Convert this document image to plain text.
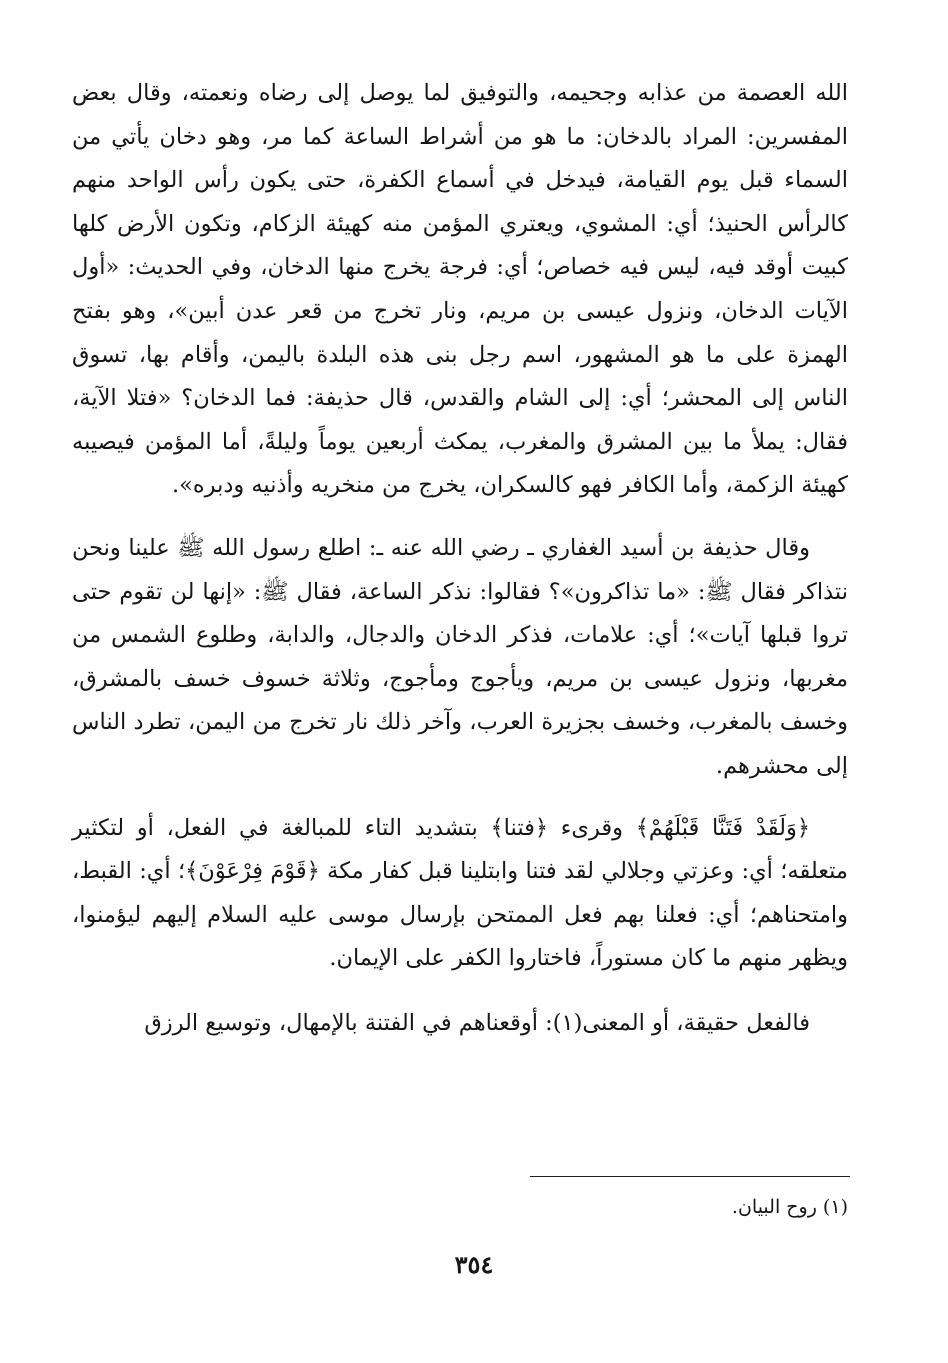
الله العصمة من عذابه وجحيمه، والتوفيق لما يوصل إلى رضاه ونعمته، وقال بعض المفسرين: المراد بالدخان: ما هو من أشراط الساعة كما مر، وهو دخان يأتي من السماء قبل يوم القيامة، فيدخل في أسماع الكفرة، حتى يكون رأس الواحد منهم كالرأس الحنيذ؛ أي: المشوي، ويعتري المؤمن منه كهيئة الزكام، وتكون الأرض كلها كبيت أوقد فيه، ليس فيه خصاص؛ أي: فرجة يخرج منها الدخان، وفي الحديث: «أول الآيات الدخان، ونزول عيسى بن مريم، ونار تخرج من قعر عدن أبين»، وهو بفتح الهمزة على ما هو المشهور، اسم رجل بنى هذه البلدة باليمن، وأقام بها، تسوق الناس إلى المحشر؛ أي: إلى الشام والقدس، قال حذيفة: فما الدخان؟ «فتلا الآية، فقال: يملأ ما بين المشرق والمغرب، يمكث أربعين يوماً وليلةً، أما المؤمن فيصيبه كهيئة الزكمة، وأما الكافر فهو كالسكران، يخرج من منخريه وأذنيه ودبره».

وقال حذيفة بن أسيد الغفاري ـ رضي الله عنه ـ: اطلع رسول الله ﷺ علينا ونحن نتذاكر فقال ﷺ: «ما تذاكرون»؟ فقالوا: نذكر الساعة، فقال ﷺ: «إنها لن تقوم حتى تروا قبلها آيات»؛ أي: علامات، فذكر الدخان والدجال، والدابة، وطلوع الشمس من مغربها، ونزول عيسى بن مريم، ويأجوج ومأجوج، وثلاثة خسوف خسف بالمشرق، وخسف بالمغرب، وخسف بجزيرة العرب، وآخر ذلك نار تخرج من اليمن، تطرد الناس إلى محشرهم.

﴿وَلَقَدْ فَتَنَّا قَبْلَهُمْ﴾ وقرىء ﴿فتنا﴾ بتشديد التاء للمبالغة في الفعل، أو لتكثير متعلقه؛ أي: وعزتي وجلالي لقد فتنا وابتلينا قبل كفار مكة ﴿قَوْمَ فِرْعَوْنَ﴾؛ أي: القبط، وامتحناهم؛ أي: فعلنا بهم فعل الممتحن بإرسال موسى عليه السلام إليهم ليؤمنوا، ويظهر منهم ما كان مستوراً، فاختاروا الكفر على الإيمان.

فالفعل حقيقة، أو المعنى(١): أوقعناهم في الفتنة بالإمهال، وتوسيع الرزق

(١) روح البيان.
٣٥٤
